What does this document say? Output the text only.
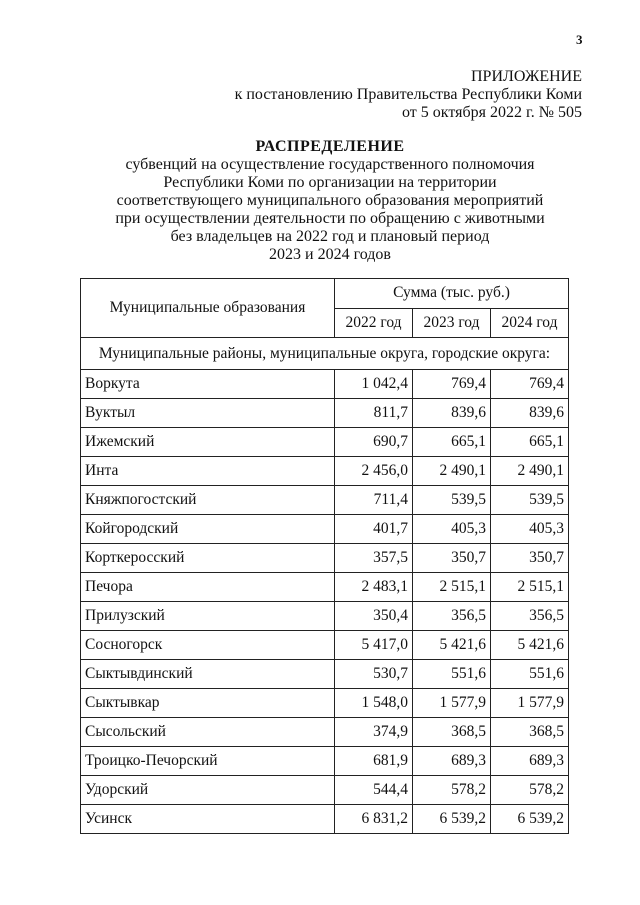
3
ПРИЛОЖЕНИЕ
к постановлению Правительства Республики Коми
от 5 октября 2022 г. № 505
РАСПРЕДЕЛЕНИЕ
субвенций на осуществление государственного полномочия
Республики Коми по организации на территории
соответствующего муниципального образования мероприятий
при осуществлении деятельности по обращению с животными
без владельцев на 2022 год и плановый период
2023 и 2024 годов
Муниципальные образования	Сумма (тыс. руб.)		
	2022 год	2023 год	2024 год
Муниципальные районы, муниципальные округа, городские округа:			
Воркута	1 042,4	769,4	769,4
Вуктыл	811,7	839,6	839,6
Ижемский	690,7	665,1	665,1
Инта	2 456,0	2 490,1	2 490,1
Княжпогостский	711,4	539,5	539,5
Койгородский	401,7	405,3	405,3
Корткеросский	357,5	350,7	350,7
Печора	2 483,1	2 515,1	2 515,1
Прилузский	350,4	356,5	356,5
Сосногорск	5 417,0	5 421,6	5 421,6
Сыктывдинский	530,7	551,6	551,6
Сыктывкар	1 548,0	1 577,9	1 577,9
Сысольский	374,9	368,5	368,5
Троицко-Печорский	681,9	689,3	689,3
Удорский	544,4	578,2	578,2
Усинск	6 831,2	6 539,2	6 539,2
